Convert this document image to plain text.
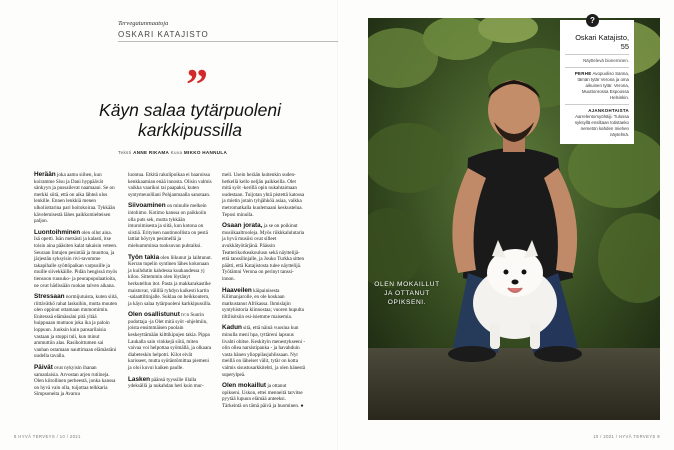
Tervegatunmaatoja
OSKARI KATAJISTO
”
Käyn salaa tytärpuoleni
karkkipussilla
Teksti ANNE RIKAMA Kuva MIKKO HANNULA
Herään joka aamu siihen, kun koiramme Sisu ja Dani hyppäävät sänkyyn ja pussailevat naamaani. Se on merkki siitä, että on aika lähteä ulos lenkille. Ennen lenkkiä menen ulkoliottarina pari hoitokoiraa. Tykkään kävelemisestä lähes paikkomielteisen paljon.
Luontoihminen olen ollut aina. Isä opetti. Isän metsästi ja kalasti, itse toisin aina pääsiten kalat takaisin veteen. Seuraan lintujen pesintää ja muuttoa, ja järjestän syksyisin rivi-tavomme takapihalle syöttöpaikan varpusille ja muille siivekkäille. Pidän hengissä myös tiensoon ruusuko- ja peurapopulaatioita, ne ovat hädissään ruokan talven aikana.
Stressaan normijutuista, kuten siitä, riittävätkö rahat laskuihin, mutta muuten olen oppinut ottamaan mnmomimin. Enitesssä elämässäni pitä yltää huippuaan muttaon joka ika ja paloin loppuun. Juoksin kuin pansarilaisia vastaan ja stoppi tuli, kun minut ammuttiin alas. Rasihoittumen sai vanhan ostamaan nauttimaan elämästäni uudella tavalla.
Päivät ovat nykyisin ihanan samanlaisia. Arvostan arjen rutiineja. Olen kiitollinen perheestä, jonka kanssa on hyvä vain olla, tuijottaa telkkaria Simpsoneita ja Avaruu
luontua. Etkitä rakulipoikaa ei baaroissa kenkkaamian enää innosta. Olisin valmis vaikka vaarikoi tai paapaksi, kuten syntymeuolilani Pohjanmaalla sanotaan.
Siivoaminen on minulle melkein intohimo. Kotimo kanssa on paikkoiin olla puts sek, mutta tykkään imuroimisesta ja siitä, kun kotona on siistiä. Erityisen nautinnollista on pestä lattiat höyryn pesimellä ja mieluumminsa tuoksuvan puhtaiksi.
Työn takia olen liikunut ja laihtunut. Kerran tupelin syntinen lähes kokonaan ja kuihdutin kahdessa kuukaudessa yj kiloo. Sittemmin olen löytänyt herkutellun itot. Pasta ja makkarakastike maistuvat, välillä ryhdyn kaikesti kartin -salaattiltinjalle. Suklaa on heikkoutern, ja käyn salaa tytärpuoleni karkkipussilla.
Olen osallistunut tv:n Suurin pudottaja -ja Olet mitä syöt -ohjelmiin, joista ensimmäisen puolain keskeyttämään kilttikipujen takia. Pippa Laukalla sain vinkkejä siitä, miten vaivaa voi helpottaa syömällä, ja olkaara diabeteskin helpotti. Kilot eivät karisseet, mutta syötäntömittaa piemeni ja oloi kuvui kaiken paulle.
Lasken päänsä tyyssilie illalla ydeksällä ja nukahdan heti kuin mur-
meli. Usein herään kuitenkin suden-hetkellä kello neljän paikkeilla. Olet mitä syöt -kerillä opin nukahtaimaan uudestaan. Tuijotan yhtä pistettä katossa ja mietin jotain tyhjähköä asiaa, vaikka metromatkalla kuulemaani keskustelua. Teposi minulla.
Osaan jorata, ja se on poikinut musiikaaltrooleja. Myös riikkkalulutaria ja hyvä musiisi ovat silleet avukkätyötärjänä. Päässin Teatterikorkeakoulusn sekä näyttelijä- että tanssilinjalle, ja Jouko Turkka sitten päätti, että Katajistosta tulee näyttelijä. Työtämni Verona on perinyt tanssi-innon.
Haaveilen käipainisesta Kilimanjarolle, en ole koskaan matkustanut Afrikassa. Ihmislajin syntyhistoria kiinnostaa; vuoren hupulta tiltilisitsiin esi-isiemme maisemia.
Kadun sitä, että näinä vuosina kun minulla meni hpa, tyttäreni lapsuus livahti ohitse. Keskityin menestykseeni - olin ollea narsistipanka - ja havahduin vasta hänen ylioppilasjuhlissaan. Nyt meillä on läheiset välit, tytär on kotta valmis sisustusarkkitehti, ja olen hänestä superylpeä.
Olen mokaillut ja ottanut opikseni. Uskon, ettei menneitä tarvitse pyytää lupuun elämää anteeksi. Tärkeintä on tämä päivä ja huominen. ●
8 HYVÄ TERVEYS / 10 / 2021
OLEN MOKAILLUT JA OTTANUT OPIKSENI.
Oskari Katajisto, 55
Näyttelevä bioneminen.
PERHE Avopuoliso Sanna, tämän tytär Verona ja oma aikuinen tytär. Verona, Muuttonrossa Espoossa Helsinkin.
AJANKOHTAISTA Aarrelentomyöhäiji. Tulossa syksyllä ensiltaan totistaeko nemetön kahden miehen näytelmä.
?
10 / 2021 / HYVÄ TERVEYS 9
